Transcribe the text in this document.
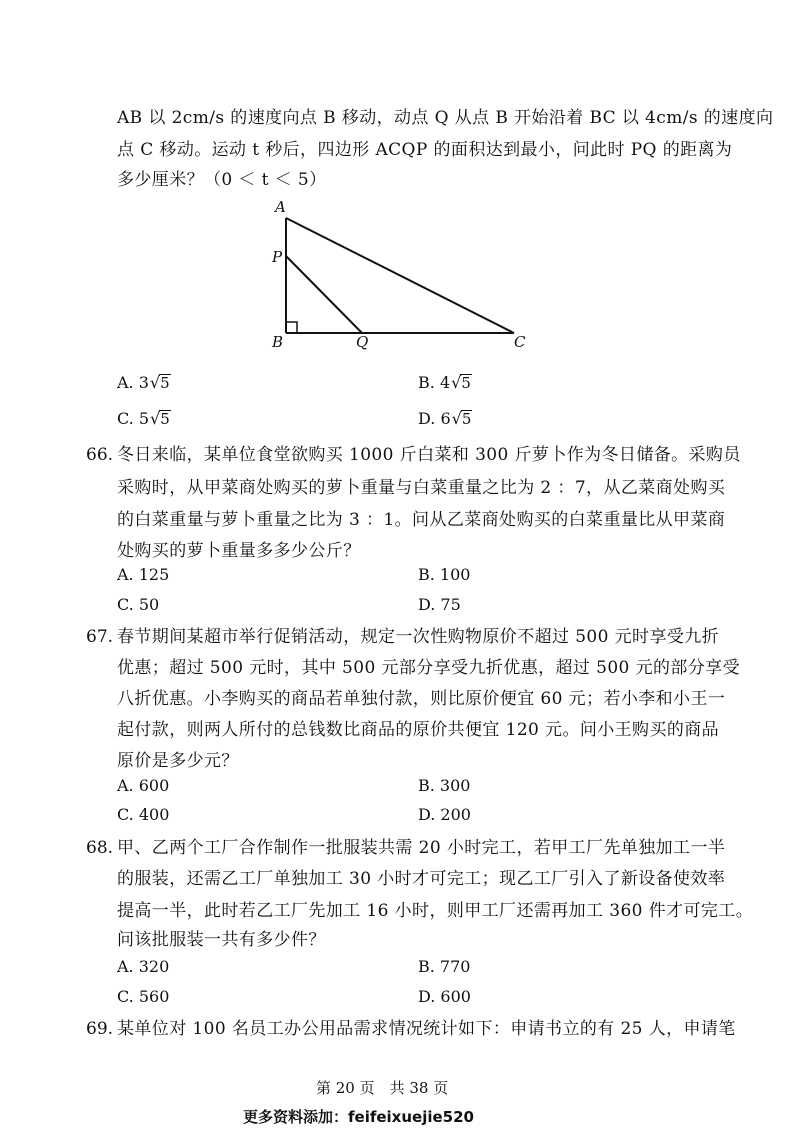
AB 以 2cm/s 的速度向点 B 移动，动点 Q 从点 B 开始沿着 BC 以 4cm/s 的速度向
点 C 移动。运动 t 秒后，四边形 ACQP 的面积达到最小，问此时 PQ 的距离为
多少厘米？（0 ＜ t ＜ 5）
A
P
B	Q	C
A. 3√5	B. 4√5
C. 5√5	D. 6√5
66. 冬日来临，某单位食堂欲购买 1000 斤白菜和 300 斤萝卜作为冬日储备。采购员
采购时，从甲菜商处购买的萝卜重量与白菜重量之比为 2 ：7，从乙菜商处购买
的白菜重量与萝卜重量之比为 3 ：1。问从乙菜商处购买的白菜重量比从甲菜商
处购买的萝卜重量多多少公斤？
A. 125	B. 100
C. 50	D. 75
67. 春节期间某超市举行促销活动，规定一次性购物原价不超过 500 元时享受九折
优惠；超过 500 元时，其中 500 元部分享受九折优惠，超过 500 元的部分享受
八折优惠。小李购买的商品若单独付款，则比原价便宜 60 元；若小李和小王一
起付款，则两人所付的总钱数比商品的原价共便宜 120 元。问小王购买的商品
原价是多少元？
A. 600	B. 300
C. 400	D. 200
68. 甲、乙两个工厂合作制作一批服装共需 20 小时完工，若甲工厂先单独加工一半
的服装，还需乙工厂单独加工 30 小时才可完工；现乙工厂引入了新设备使效率
提高一半，此时若乙工厂先加工 16 小时，则甲工厂还需再加工 360 件才可完工。
问该批服装一共有多少件？
A. 320	B. 770
C. 560	D. 600
69. 某单位对 100 名员工办公用品需求情况统计如下：申请书立的有 25 人，申请笔
第 20 页　共 38 页
更多资料添加：feifeixuejie520
